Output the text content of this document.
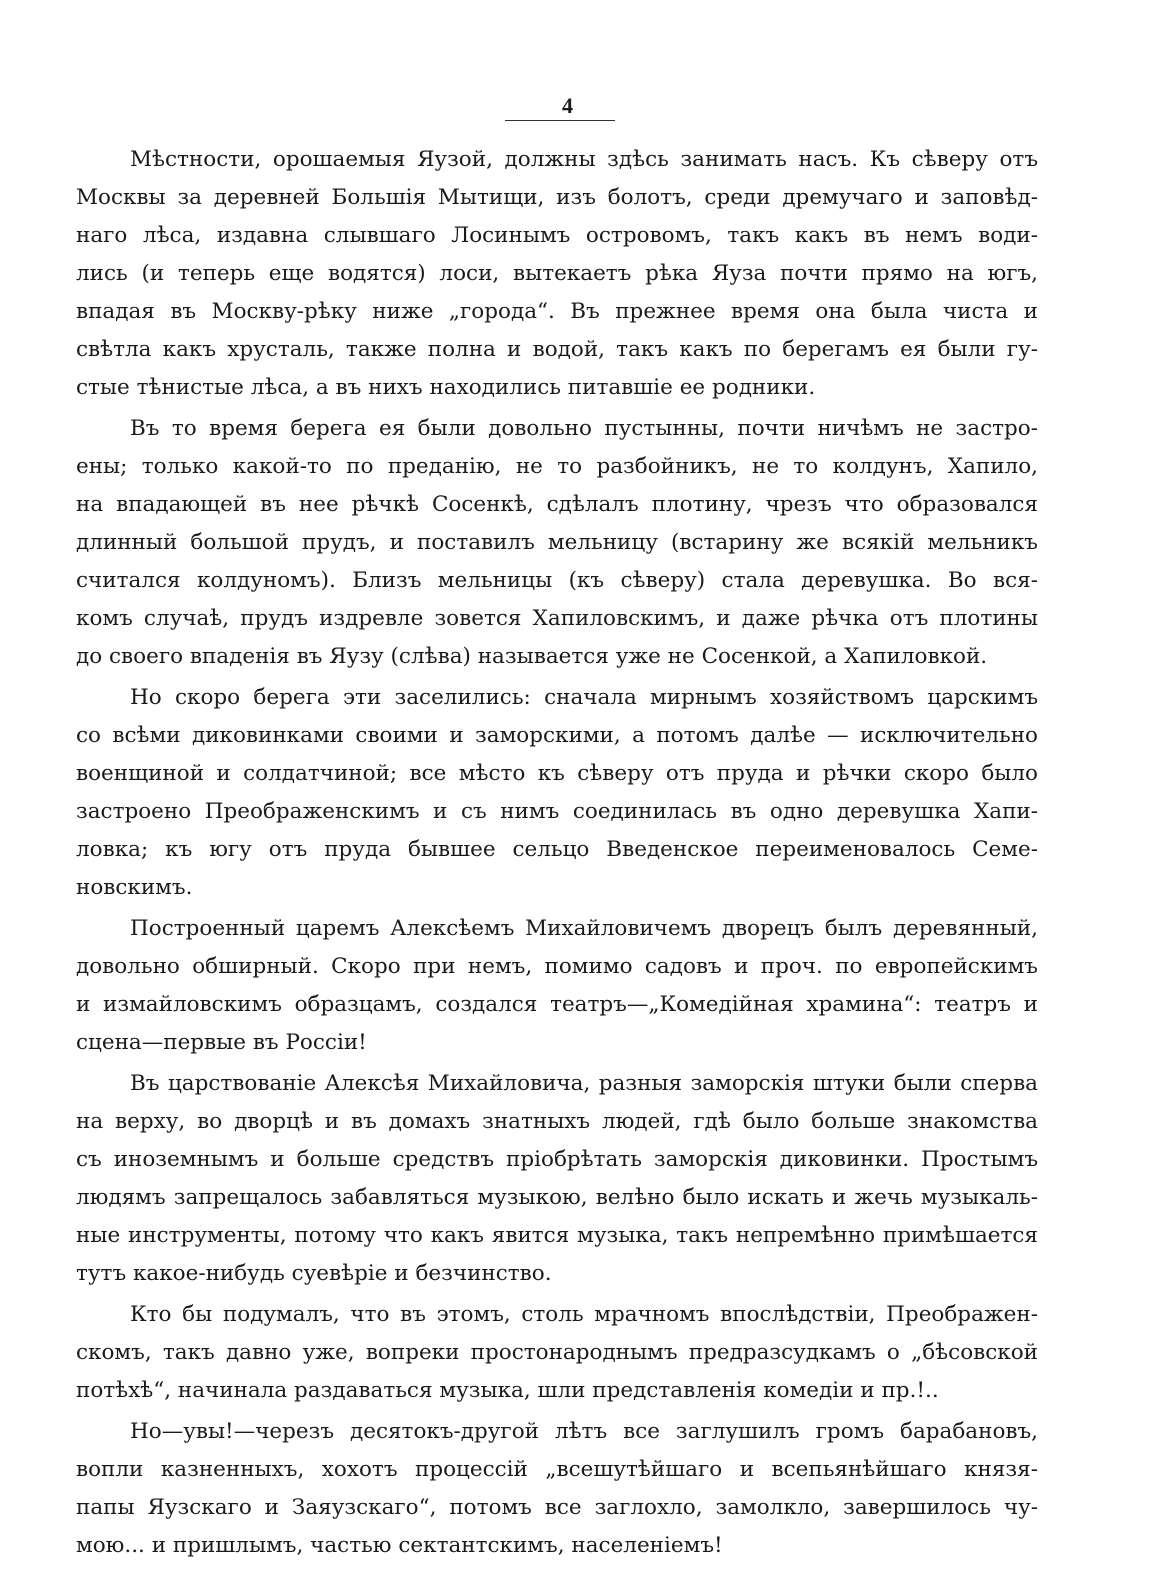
4
Мѣстности, орошаемыя Яузой, должны здѣсь занимать насъ. Къ сѣверу отъ
Москвы за деревней Большія Мытищи, изъ болотъ, среди дремучаго и заповѣд-
наго лѣса, издавна слывшаго Лосинымъ островомъ, такъ какъ въ немъ води-
лись (и теперь еще водятся) лоси, вытекаетъ рѣка Яуза почти прямо на югъ,
впадая въ Москву-рѣку ниже „города“. Въ прежнее время она была чиста и
свѣтла какъ хрусталь, также полна и водой, такъ какъ по берегамъ ея были гу-
стые тѣнистые лѣса, а въ нихъ находились питавшіе ее родники.
Въ то время берега ея были довольно пустынны, почти ничѣмъ не застро-
ены; только какой-то по преданію, не то разбойникъ, не то колдунъ, Хапило,
на впадающей въ нее рѣчкѣ Сосенкѣ, сдѣлалъ плотину, чрезъ что образовался
длинный большой прудъ, и поставилъ мельницу (встарину же всякій мельникъ
считался колдуномъ). Близъ мельницы (къ сѣверу) стала деревушка. Во вся-
комъ случаѣ, прудъ издревле зовется Хапиловскимъ, и даже рѣчка отъ плотины
до своего впаденія въ Яузу (слѣва) называется уже не Сосенкой, а Хапиловкой.
Но скоро берега эти заселились: сначала мирнымъ хозяйствомъ царскимъ
со всѣми диковинками своими и заморскими, а потомъ далѣе — исключительно
военщиной и солдатчиной; все мѣсто къ сѣверу отъ пруда и рѣчки скоро было
застроено Преображенскимъ и съ нимъ соединилась въ одно деревушка Хапи-
ловка; къ югу отъ пруда бывшее сельцо Введенское переименовалось Семе-
новскимъ.
Построенный царемъ Алексѣемъ Михайловичемъ дворецъ былъ деревянный,
довольно обширный. Скоро при немъ, помимо садовъ и проч. по европейскимъ
и измайловскимъ образцамъ, создался театръ—„Комедійная храмина“: театръ и
сцена—первые въ Россіи!
Въ царствованіе Алексѣя Михайловича, разныя заморскія штуки были сперва
на верху, во дворцѣ и въ домахъ знатныхъ людей, гдѣ было больше знакомства
съ иноземнымъ и больше средствъ пріобрѣтать заморскія диковинки. Простымъ
людямъ запрещалось забавляться музыкою, велѣно было искать и жечь музыкаль-
ные инструменты, потому что какъ явится музыка, такъ непремѣнно примѣшается
тутъ какое-нибудь суевѣріе и безчинство.
Кто бы подумалъ, что въ этомъ, столь мрачномъ впослѣдствіи, Преображен-
скомъ, такъ давно уже, вопреки простонароднымъ предразсудкамъ о „бѣсовской
потѣхѣ“, начинала раздаваться музыка, шли представленія комедіи и пр.!..
Но—увы!—черезъ десятокъ-другой лѣтъ все заглушилъ громъ барабановъ,
вопли казненныхъ, хохотъ процессій „всешутѣйшаго и всепьянѣйшаго князя-
папы Яузскаго и Заяузскаго“, потомъ все заглохло, замолкло, завершилось чу-
мою... и пришлымъ, частью сектантскимъ, населеніемъ!
